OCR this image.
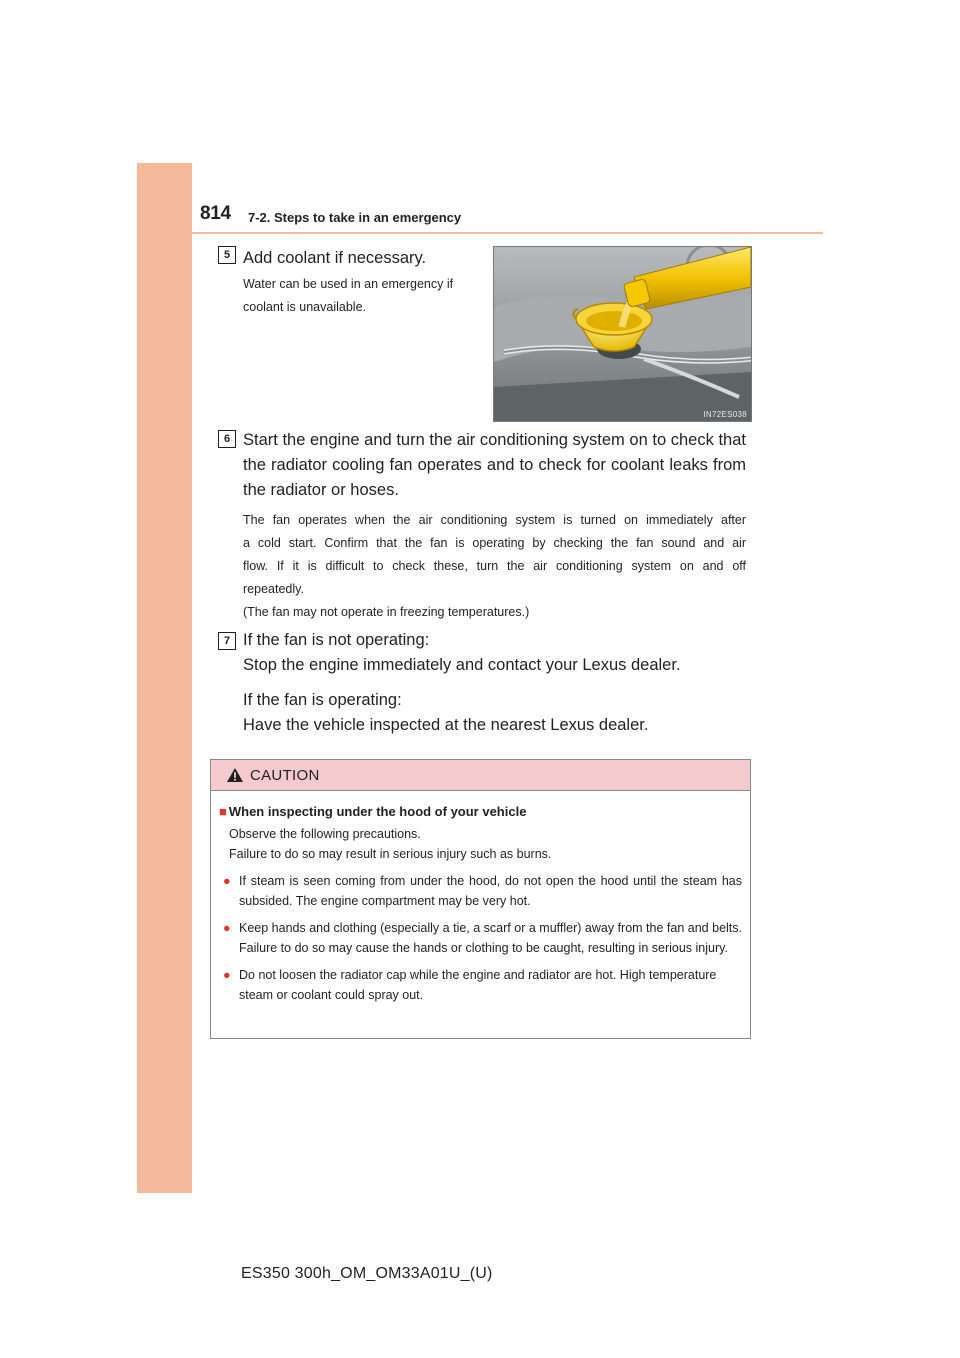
814 7-2. Steps to take in an emergency
5 Add coolant if necessary.
Water can be used in an emergency if
coolant is unavailable.
IN72ES038
6 Start the engine and turn the air conditioning system on to check that
the radiator cooling fan operates and to check for coolant leaks from
the radiator or hoses.
The fan operates when the air conditioning system is turned on immediately after
a cold start. Confirm that the fan is operating by checking the fan sound and air
flow. If it is difficult to check these, turn the air conditioning system on and off
repeatedly.
(The fan may not operate in freezing temperatures.)
7 If the fan is not operating:
Stop the engine immediately and contact your Lexus dealer.
If the fan is operating:
Have the vehicle inspected at the nearest Lexus dealer.
CAUTION
■ When inspecting under the hood of your vehicle
Observe the following precautions.
Failure to do so may result in serious injury such as burns.
● If steam is seen coming from under the hood, do not open the hood until the steam has subsided. The engine compartment may be very hot.
● Keep hands and clothing (especially a tie, a scarf or a muffler) away from the fan and belts. Failure to do so may cause the hands or clothing to be caught, resulting in serious injury.
● Do not loosen the radiator cap while the engine and radiator are hot. High temperature steam or coolant could spray out.
ES350 300h_OM_OM33A01U_(U)
